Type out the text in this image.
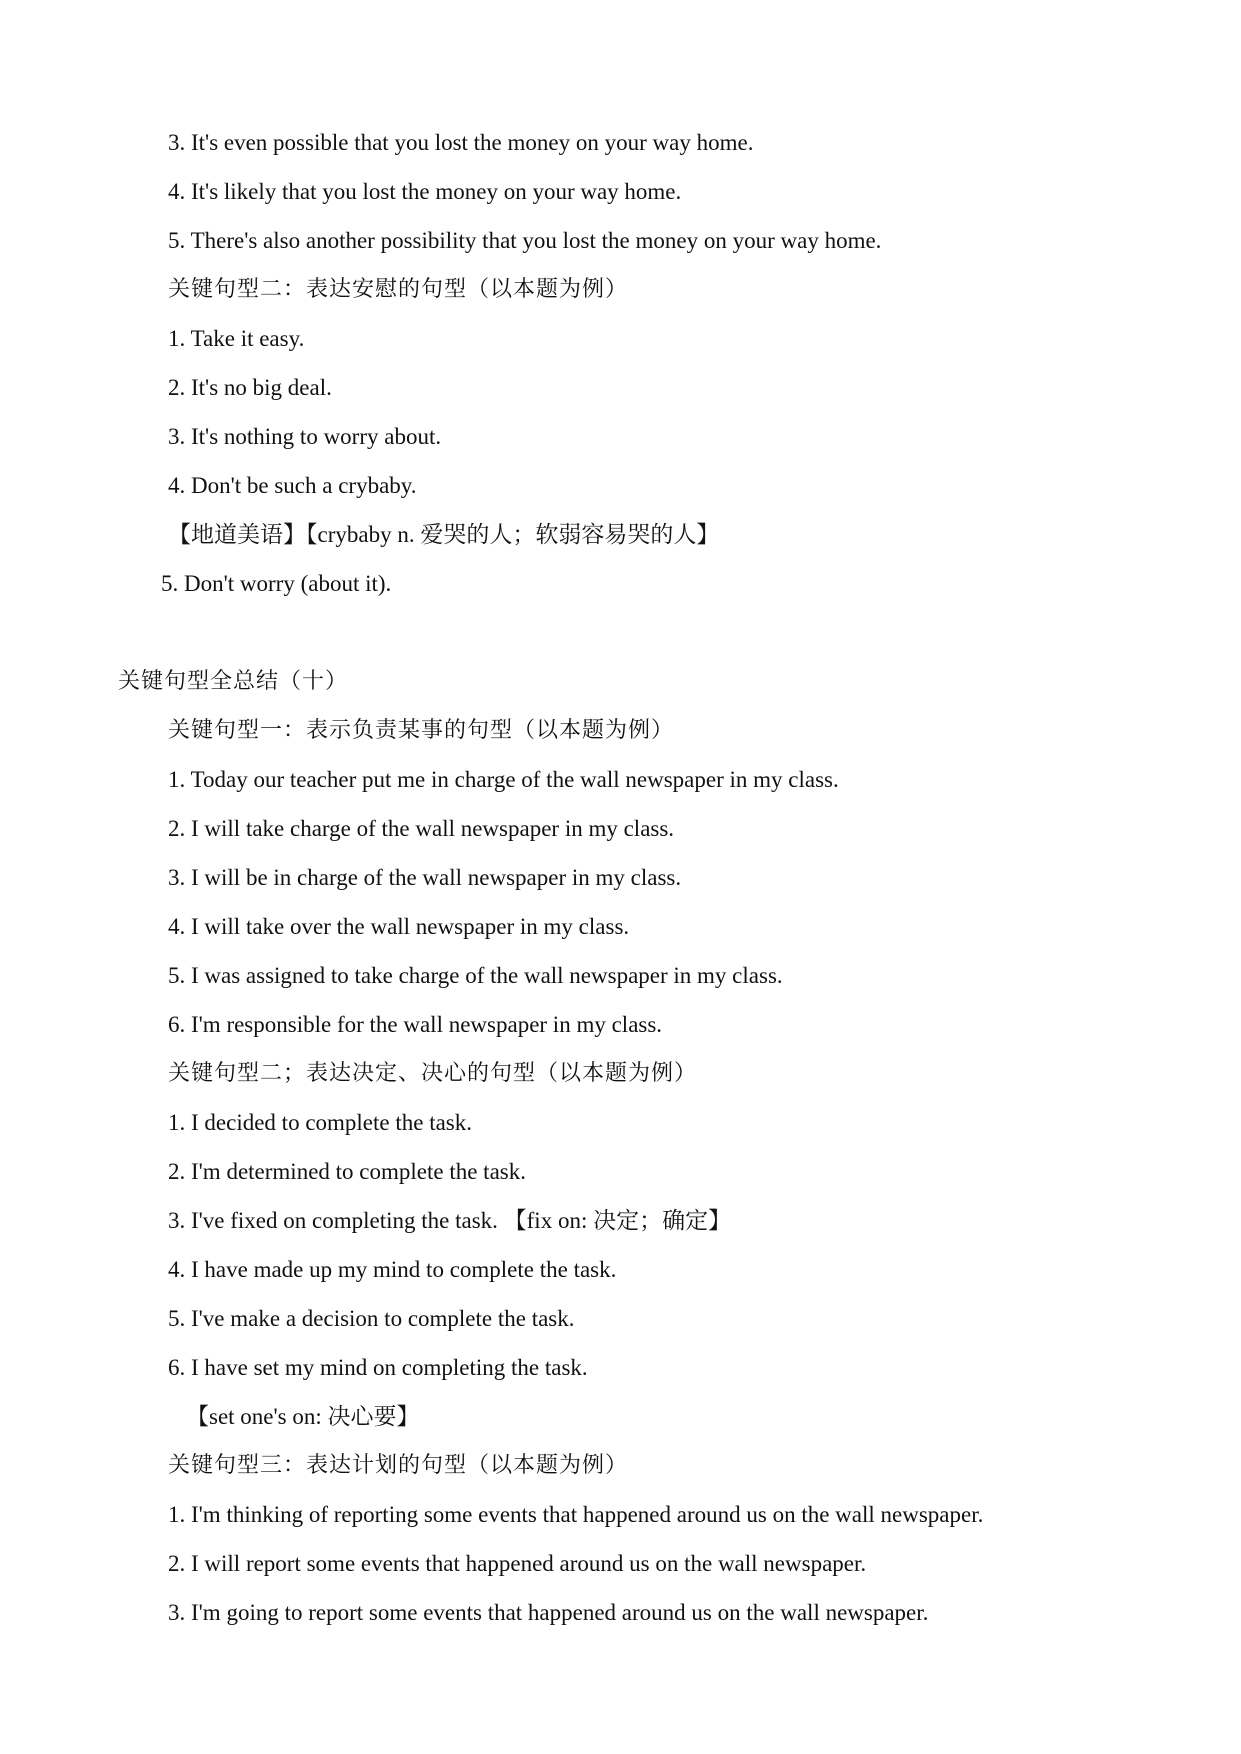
3. It's even possible that you lost the money on your way home.

4. It's likely that you lost the money on your way home.

5. There's also another possibility that you lost the money on your way home.

关键句型二：表达安慰的句型（以本题为例）

1. Take it easy.

2. It's no big deal.

3. It's nothing to worry about.

4. Don't be such a crybaby.

【地道美语】【crybaby n. 爱哭的人；软弱容易哭的人】

5. Don't worry (about it).

关键句型全总结（十）

关键句型一：表示负责某事的句型（以本题为例）

1. Today our teacher put me in charge of the wall newspaper in my class.

2. I will take charge of the wall newspaper in my class.

3. I will be in charge of the wall newspaper in my class.

4. I will take over the wall newspaper in my class.

5. I was assigned to take charge of the wall newspaper in my class.

6. I'm responsible for the wall newspaper in my class.

关键句型二；表达决定、决心的句型（以本题为例）

1. I decided to complete the task.

2. I'm determined to complete the task.

3. I've fixed on completing the task. 【fix on: 决定；确定】

4. I have made up my mind to complete the task.

5. I've make a decision to complete the task.

6. I have set my mind on completing the task.

【set one's on: 决心要】

关键句型三：表达计划的句型（以本题为例）

1. I'm thinking of reporting some events that happened around us on the wall newspaper.

2. I will report some events that happened around us on the wall newspaper.

3. I'm going to report some events that happened around us on the wall newspaper.
